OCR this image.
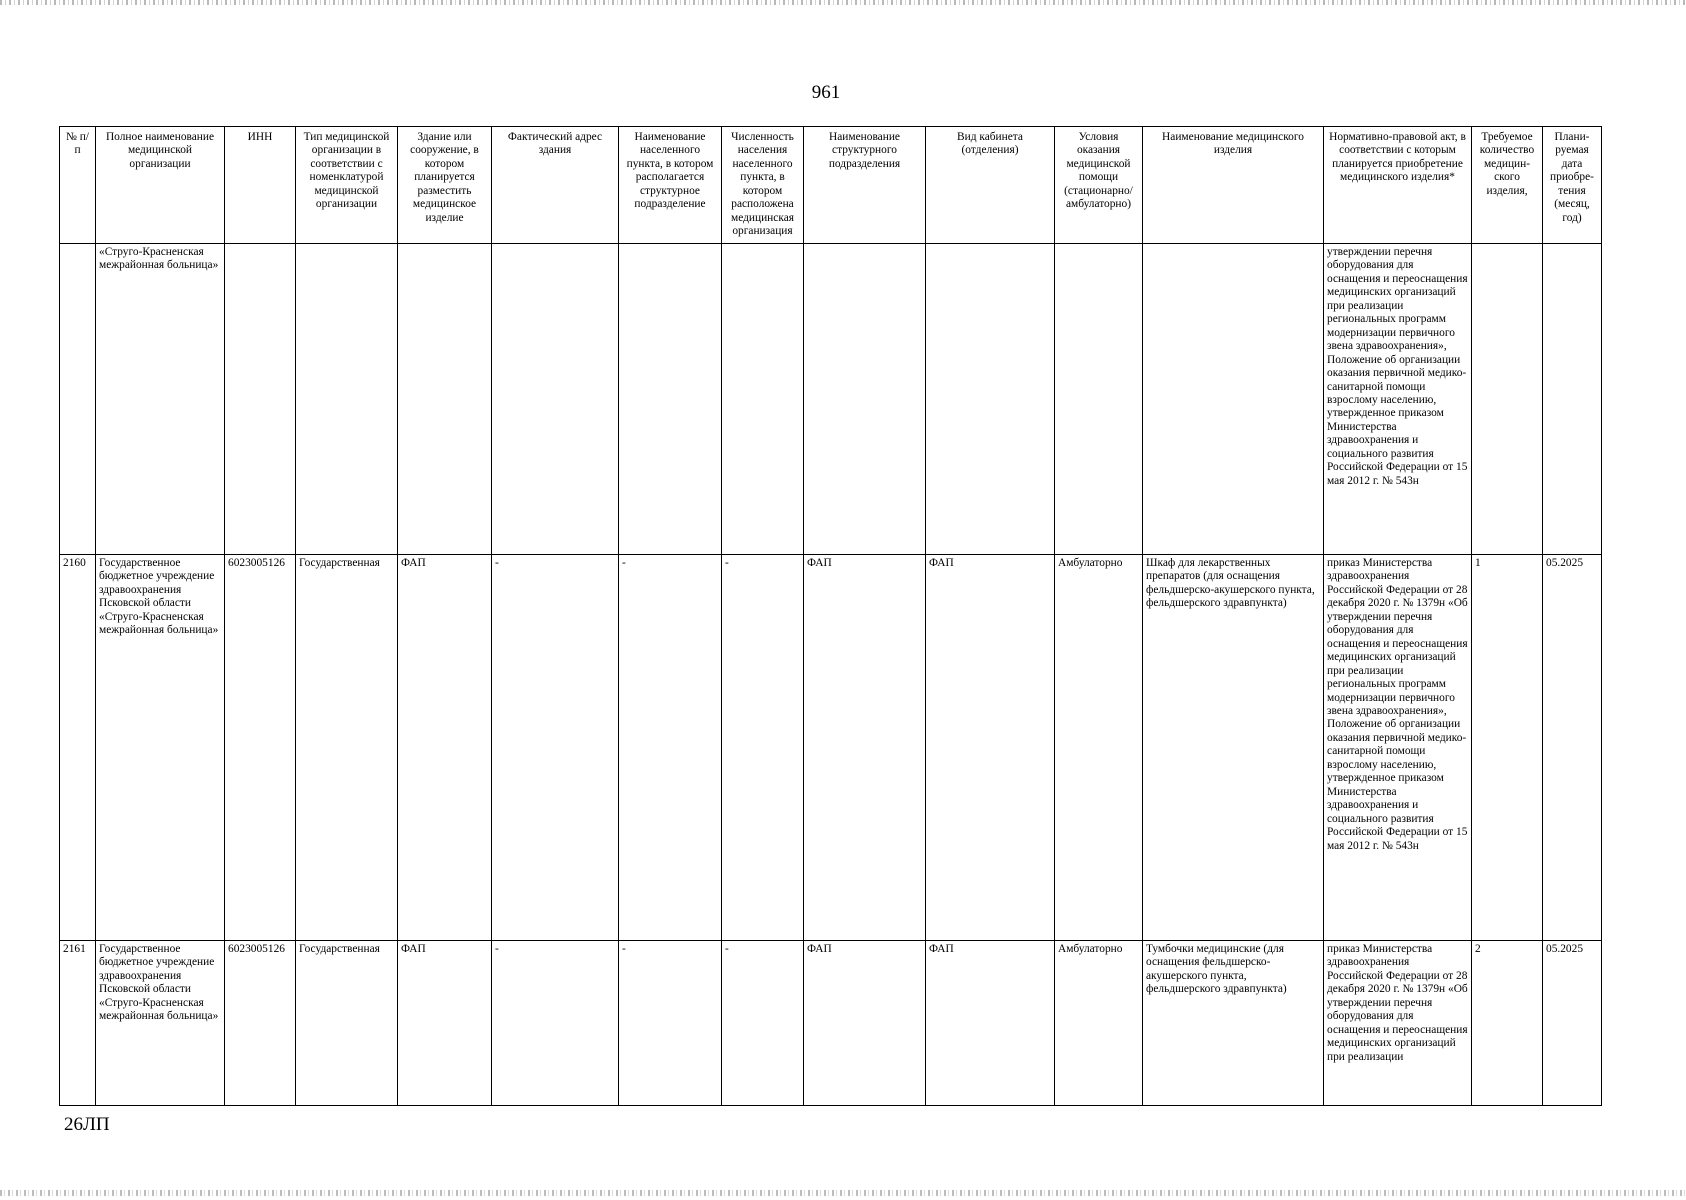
961
№ п/п	Полное наименование медицинской организации	ИНН	Тип медицинской организации в соответствии с номенклатурой медицинской организации	Здание или сооружение, в котором планируется разместить медицинское изделие	Фактический адрес здания	Наименование населенного пункта, в котором располагается структурное подразделение	Численность населения населенного пункта, в котором расположена медицинская организация	Наименование структурного подразделения	Вид кабинета (отделения)	Условия оказания медицинской помощи (стационарно/ амбулаторно)	Наименование медицинского изделия	Нормативно-правовой акт, в соответствии с которым планируется приобретение медицинского изделия*	Требуемое количество медицин-ского изделия,	Плани-руемая дата приобре-тения (месяц, год)
	«Струго-Красненская межрайонная больница»											утверждении перечня оборудования для оснащения и переоснащения медицинских организаций при реализации региональных программ модернизации первичного звена здравоохранения», Положение об организации оказания первичной медико-санитарной помощи взрослому населению, утвержденное приказом Министерства здравоохранения и социального развития Российской Федерации от 15 мая 2012 г. № 543н		
2160	Государственное бюджетное учреждение здравоохранения Псковской области «Струго-Красненская межрайонная больница»	6023005126	Государственная	ФАП	-	-	-	ФАП	ФАП	Амбулаторно	Шкаф для лекарственных препаратов (для оснащения фельдшерско-акушерского пункта, фельдшерского здравпункта)	приказ Министерства здравоохранения Российской Федерации от 28 декабря 2020 г. № 1379н «Об утверждении перечня оборудования для оснащения и переоснащения медицинских организаций при реализации региональных программ модернизации первичного звена здравоохранения», Положение об организации оказания первичной медико-санитарной помощи взрослому населению, утвержденное приказом Министерства здравоохранения и социального развития Российской Федерации от 15 мая 2012 г. № 543н	1	05.2025
2161	Государственное бюджетное учреждение здравоохранения Псковской области «Струго-Красненская межрайонная больница»	6023005126	Государственная	ФАП	-	-	-	ФАП	ФАП	Амбулаторно	Тумбочки медицинские (для оснащения фельдшерско-акушерского пункта, фельдшерского здравпункта)	приказ Министерства здравоохранения Российской Федерации от 28 декабря 2020 г. № 1379н «Об утверждении перечня оборудования для оснащения и переоснащения медицинских организаций при реализации	2	05.2025
26ЛП
